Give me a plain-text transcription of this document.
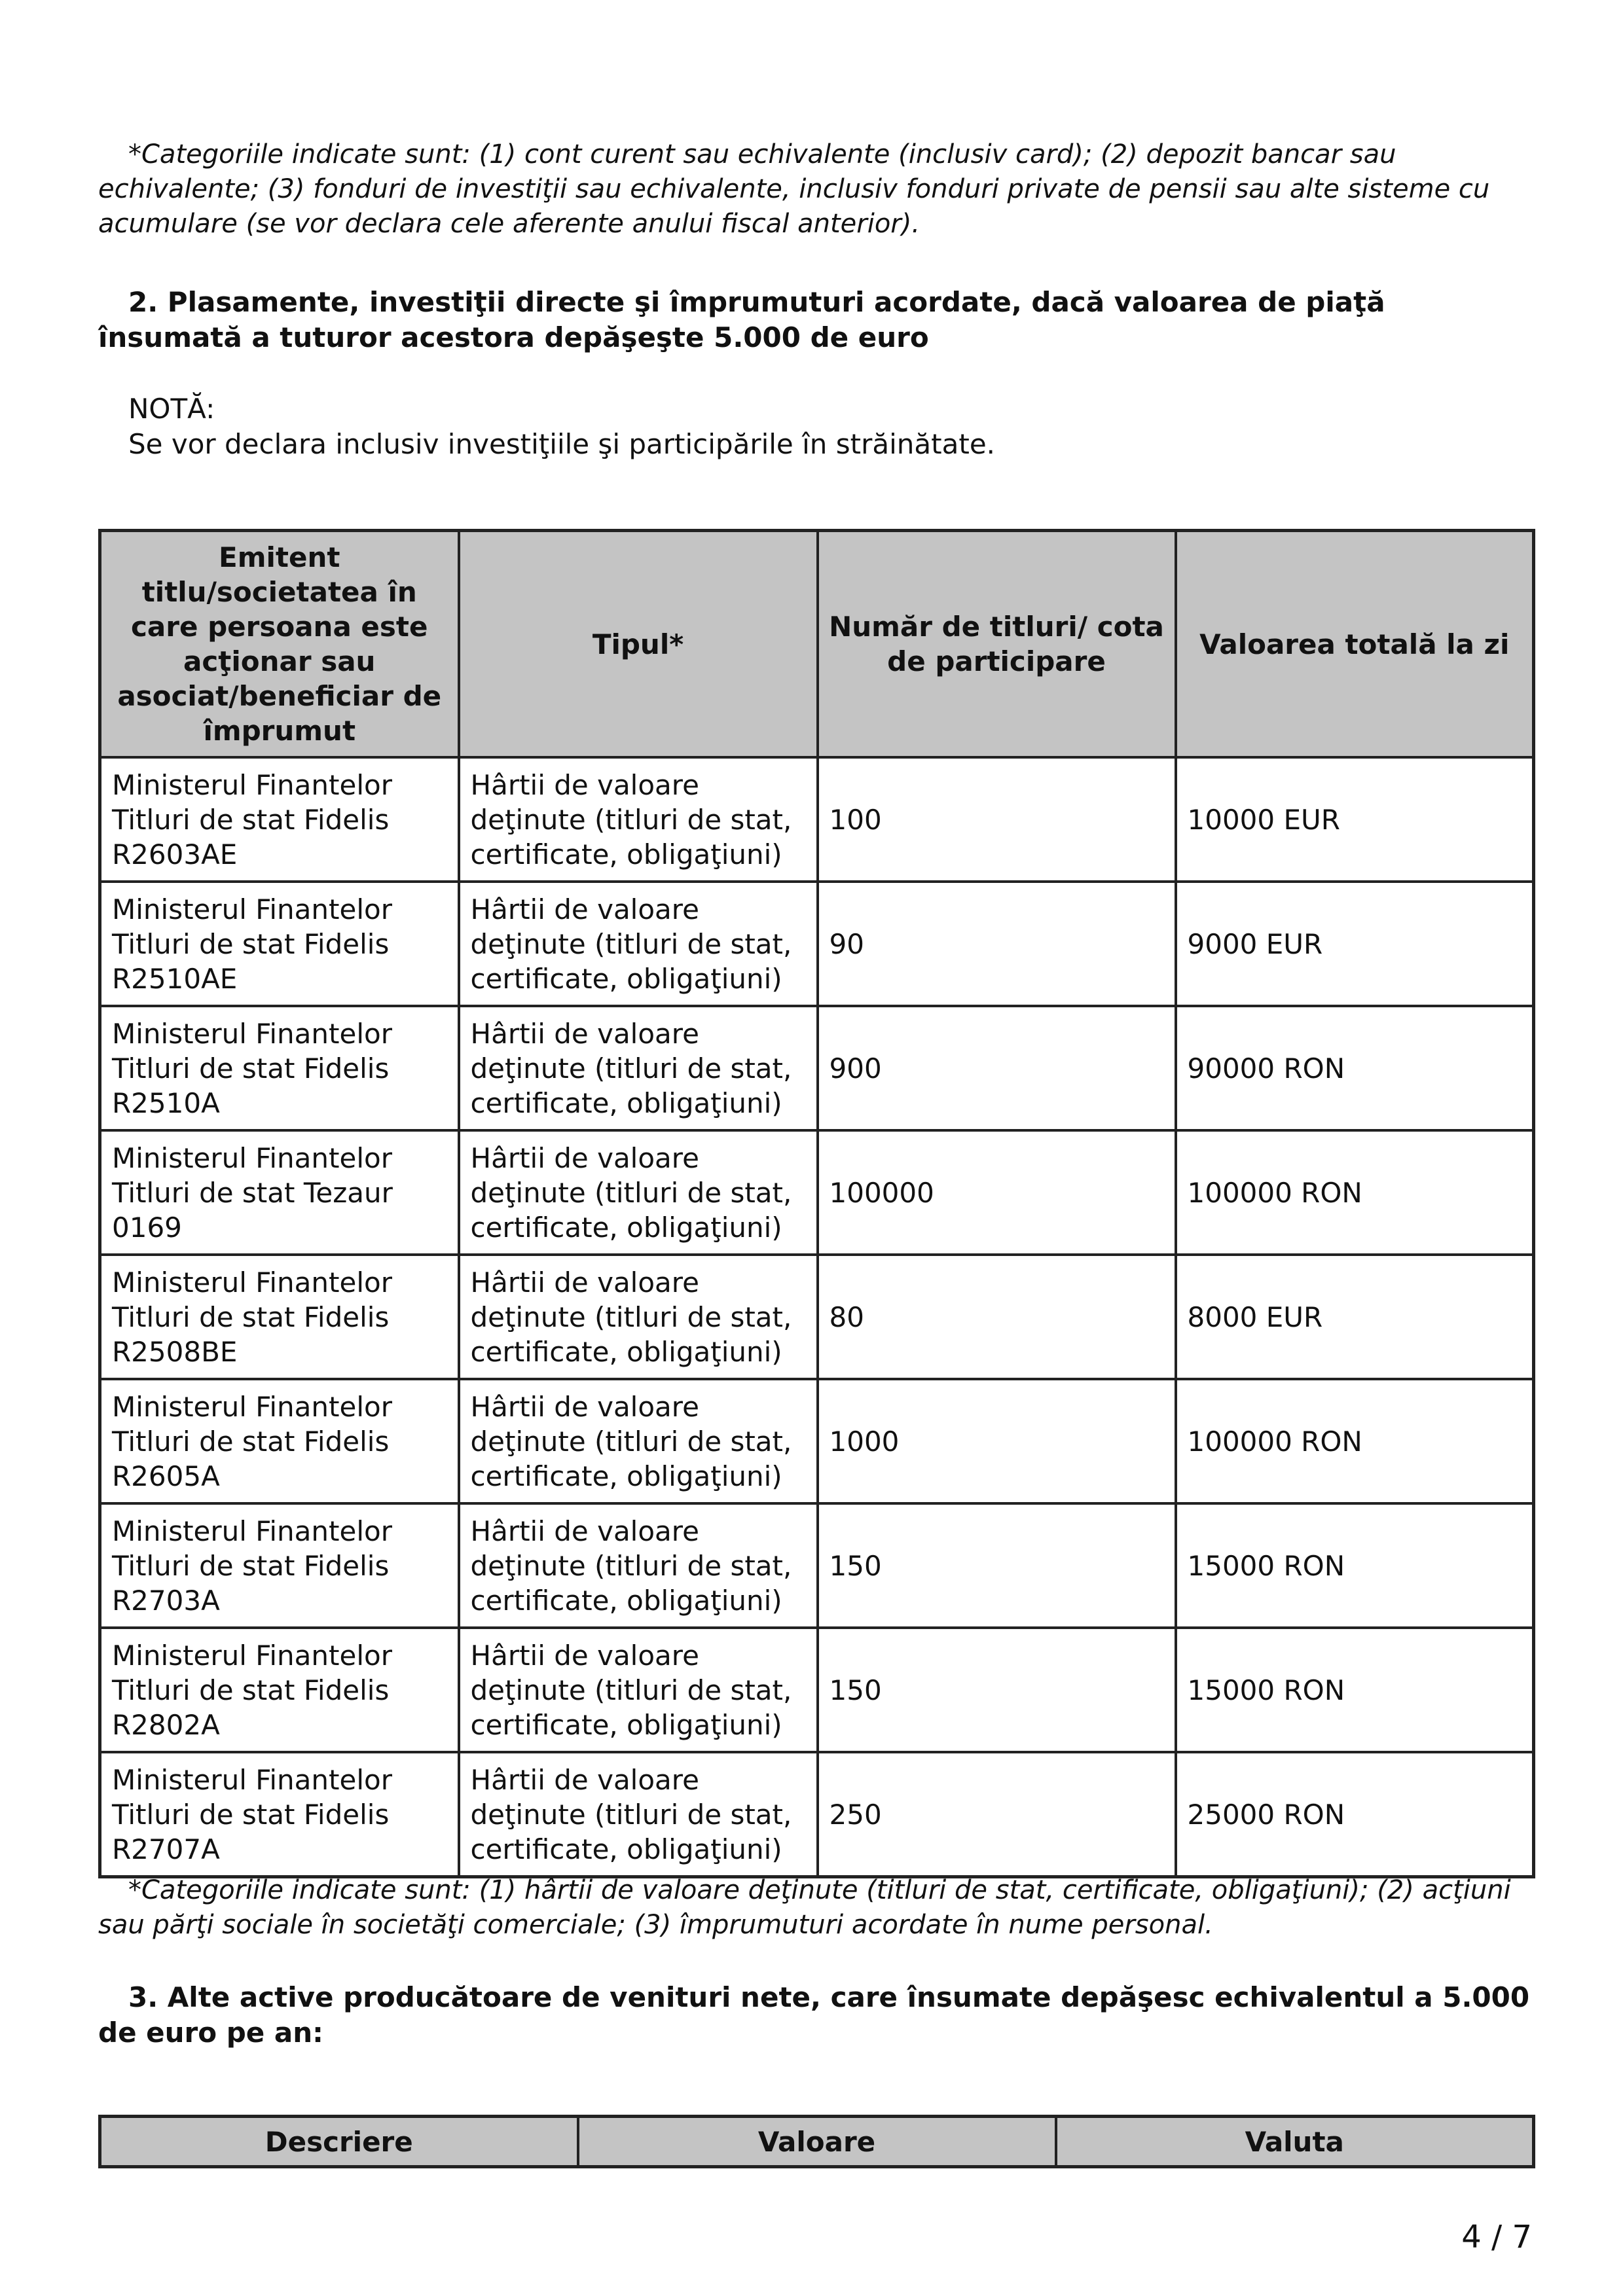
*Categoriile indicate sunt: (1) cont curent sau echivalente (inclusiv card); (2) depozit bancar sau echivalente; (3) fonduri de investiţii sau echivalente, inclusiv fonduri private de pensii sau alte sisteme cu acumulare (se vor declara cele aferente anului fiscal anterior).

2. Plasamente, investiţii directe şi împrumuturi acordate, dacă valoarea de piaţă însumată a tuturor acestora depăşeşte 5.000 de euro

NOTĂ:

Se vor declara inclusiv investiţiile şi participările în străinătate.

Emitent titlu/societatea în care persoana este acţionar sau asociat/beneficiar de împrumut	Tipul*	Număr de titluri/ cota de participare	Valoarea totală la zi
Ministerul Finantelor Titluri de stat Fidelis R2603AE	Hârtii de valoare deţinute (titluri de stat, certificate, obligaţiuni)	100	10000 EUR
Ministerul Finantelor Titluri de stat Fidelis R2510AE	Hârtii de valoare deţinute (titluri de stat, certificate, obligaţiuni)	90	9000 EUR
Ministerul Finantelor Titluri de stat Fidelis R2510A	Hârtii de valoare deţinute (titluri de stat, certificate, obligaţiuni)	900	90000 RON
Ministerul Finantelor Titluri de stat Tezaur 0169	Hârtii de valoare deţinute (titluri de stat, certificate, obligaţiuni)	100000	100000 RON
Ministerul Finantelor Titluri de stat Fidelis R2508BE	Hârtii de valoare deţinute (titluri de stat, certificate, obligaţiuni)	80	8000 EUR
Ministerul Finantelor Titluri de stat Fidelis R2605A	Hârtii de valoare deţinute (titluri de stat, certificate, obligaţiuni)	1000	100000 RON
Ministerul Finantelor Titluri de stat Fidelis R2703A	Hârtii de valoare deţinute (titluri de stat, certificate, obligaţiuni)	150	15000 RON
Ministerul Finantelor Titluri de stat Fidelis R2802A	Hârtii de valoare deţinute (titluri de stat, certificate, obligaţiuni)	150	15000 RON
Ministerul Finantelor Titluri de stat Fidelis R2707A	Hârtii de valoare deţinute (titluri de stat, certificate, obligaţiuni)	250	25000 RON

*Categoriile indicate sunt: (1) hârtii de valoare deţinute (titluri de stat, certificate, obligaţiuni); (2) acţiuni sau părţi sociale în societăţi comerciale; (3) împrumuturi acordate în nume personal.

3. Alte active producătoare de venituri nete, care însumate depăşesc echivalentul a 5.000 de euro pe an:

Descriere	Valoare	Valuta
4 / 7
